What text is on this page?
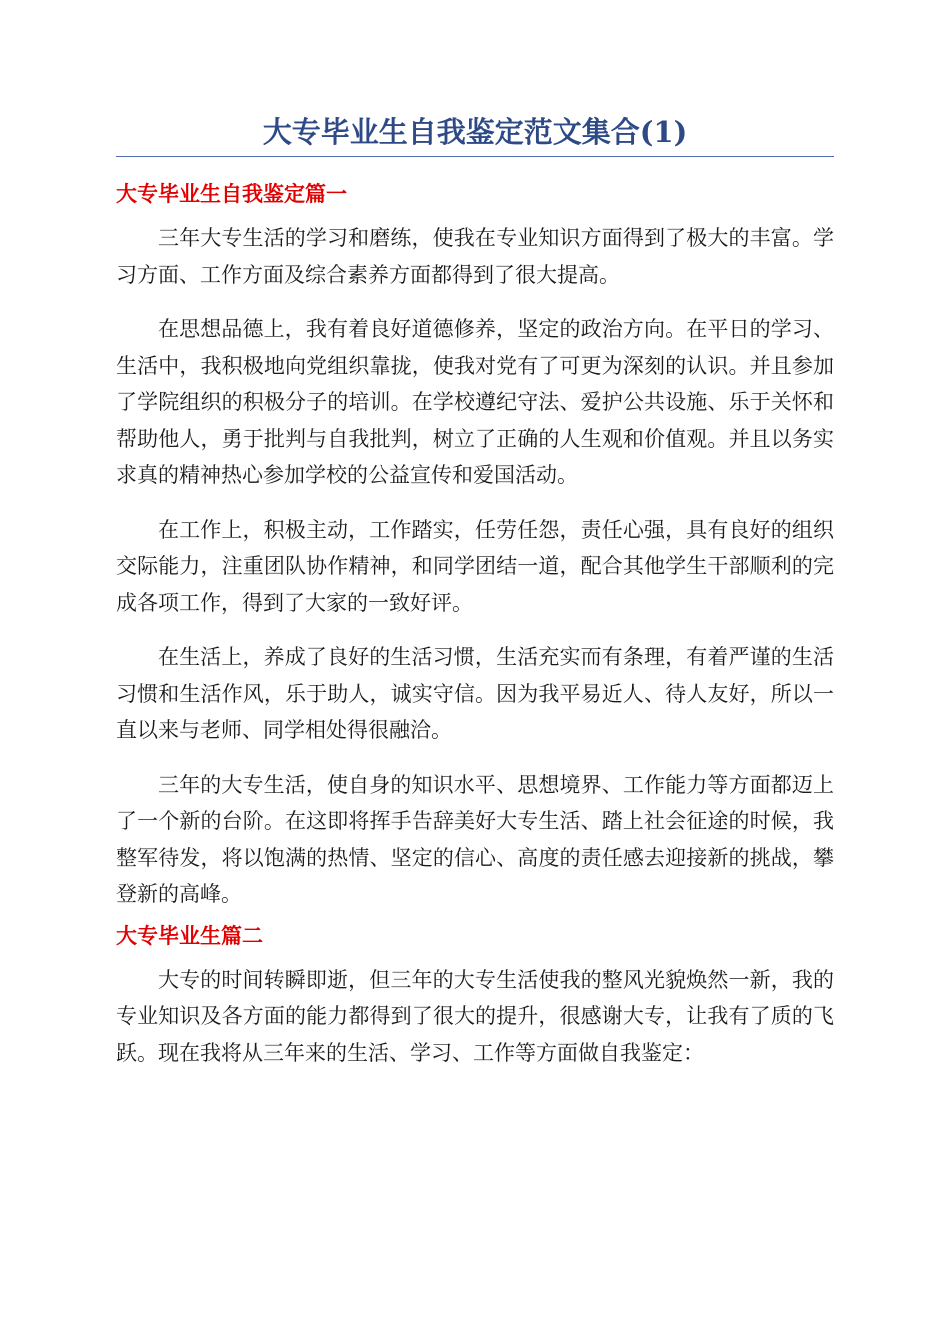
大专毕业生自我鉴定范文集合(1)
大专毕业生自我鉴定篇一

三年大专生活的学习和磨练，使我在专业知识方面得到了极大的丰富。学习方面、工作方面及综合素养方面都得到了很大提高。

在思想品德上，我有着良好道德修养，坚定的政治方向。在平日的学习、生活中，我积极地向党组织靠拢，使我对党有了可更为深刻的认识。并且参加了学院组织的积极分子的培训。在学校遵纪守法、爱护公共设施、乐于关怀和帮助他人，勇于批判与自我批判，树立了正确的人生观和价值观。并且以务实求真的精神热心参加学校的公益宣传和爱国活动。

在工作上，积极主动，工作踏实，任劳任怨，责任心强，具有良好的组织交际能力，注重团队协作精神，和同学团结一道，配合其他学生干部顺利的完成各项工作，得到了大家的一致好评。

在生活上，养成了良好的生活习惯，生活充实而有条理，有着严谨的生活习惯和生活作风，乐于助人，诚实守信。因为我平易近人、待人友好，所以一直以来与老师、同学相处得很融洽。

三年的大专生活，使自身的知识水平、思想境界、工作能力等方面都迈上了一个新的台阶。在这即将挥手告辞美好大专生活、踏上社会征途的时候，我整军待发，将以饱满的热情、坚定的信心、高度的责任感去迎接新的挑战，攀登新的高峰。

大专毕业生篇二

大专的时间转瞬即逝，但三年的大专生活使我的整风光貌焕然一新，我的专业知识及各方面的能力都得到了很大的提升，很感谢大专，让我有了质的飞跃。现在我将从三年来的生活、学习、工作等方面做自我鉴定：
